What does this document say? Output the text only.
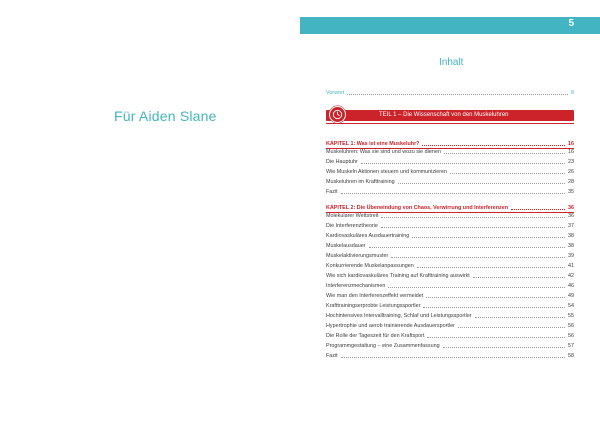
Für Aiden Slane
5
Inhalt
Vorwort	8
TEIL 1 – Die Wissenschaft von den Muskeluhren
KAPITEL 1: Was ist eine Muskeluhr?	16
Muskeluhren: Was sie sind und wozu sie dienen	16
Die Hauptuhr	23
Wie Muskeln Aktionen steuern und kommunizieren	26
Muskeluhren im Krafttraining	28
Fazit	35
KAPITEL 2: Die Überwindung von Chaos, Verwirrung und Interferenzen	36
Molekularer Wettstreit	36
Die Interferenztheorie	37
Kardiovaskuläres Ausdauertraining	38
Muskelausdauer	38
Muskelaktivierungsmuster	39
Konkurrierende Muskelanpassungen	41
Wie sich kardiovaskuläres Training auf Krafttraining auswirkt	42
Interferenzmechanismen	46
Wie man den Interferenzeffekt vermeidet	49
Krafttrainingserprobte Leistungssportler	54
Hochintensives Intervalltraining, Schlaf und Leistungssportler	55
Hypertrophie und aerob trainierende Ausdauersportler	56
Die Rolle der Tageszeit für den Kraftsport	56
Programmgestaltung – eine Zusammenfassung	57
Fazit	58
